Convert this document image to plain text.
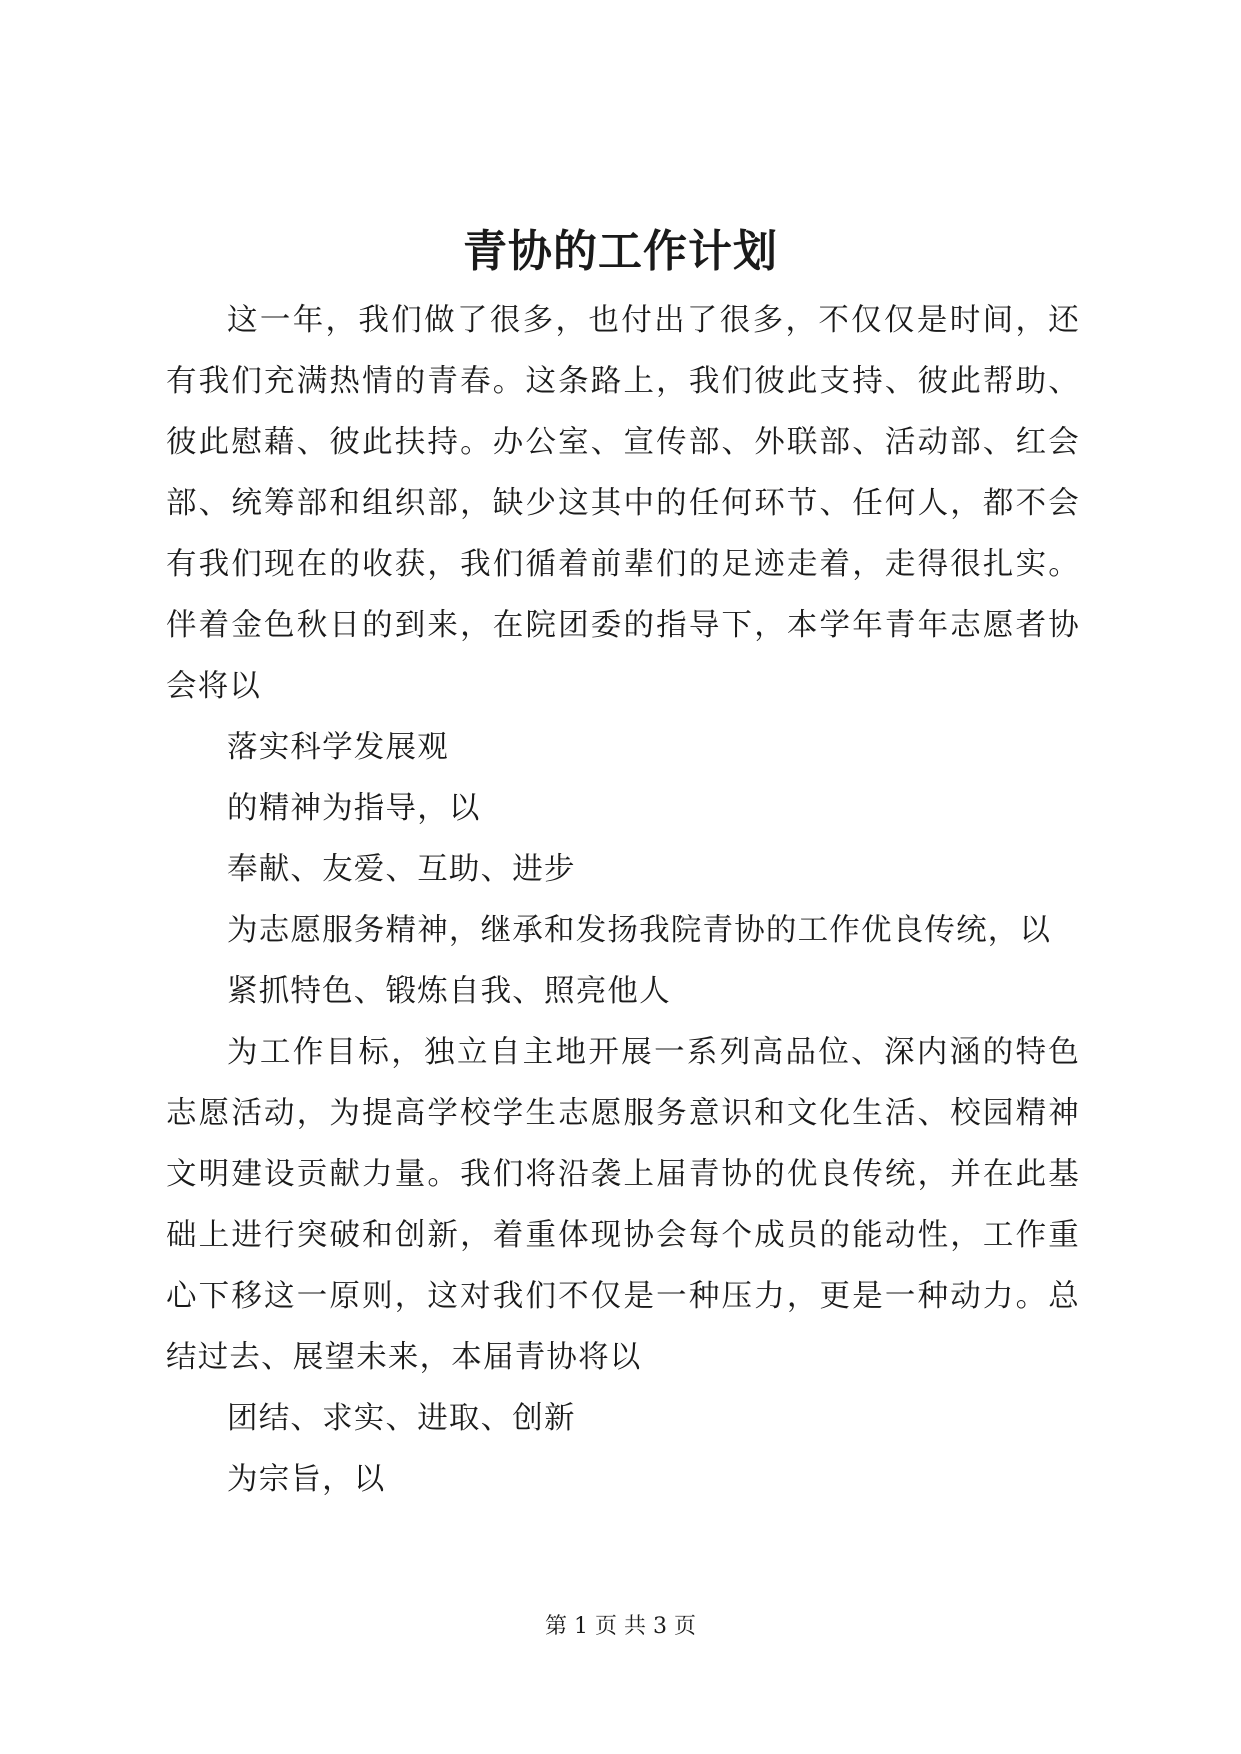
青协的工作计划

这一年，我们做了很多，也付出了很多，不仅仅是时间，还有我们充满热情的青春。这条路上，我们彼此支持、彼此帮助、彼此慰藉、彼此扶持。办公室、宣传部、外联部、活动部、红会部、统筹部和组织部，缺少这其中的任何环节、任何人，都不会有我们现在的收获，我们循着前辈们的足迹走着，走得很扎实。伴着金色秋日的到来，在院团委的指导下，本学年青年志愿者协会将以

落实科学发展观

的精神为指导，以

奉献、友爱、互助、进步

为志愿服务精神，继承和发扬我院青协的工作优良传统，以

紧抓特色、锻炼自我、照亮他人

为工作目标，独立自主地开展一系列高品位、深内涵的特色志愿活动，为提高学校学生志愿服务意识和文化生活、校园精神文明建设贡献力量。我们将沿袭上届青协的优良传统，并在此基础上进行突破和创新，着重体现协会每个成员的能动性，工作重心下移这一原则，这对我们不仅是一种压力，更是一种动力。总结过去、展望未来，本届青协将以

团结、求实、进取、创新

为宗旨，以

第 1 页 共 3 页
